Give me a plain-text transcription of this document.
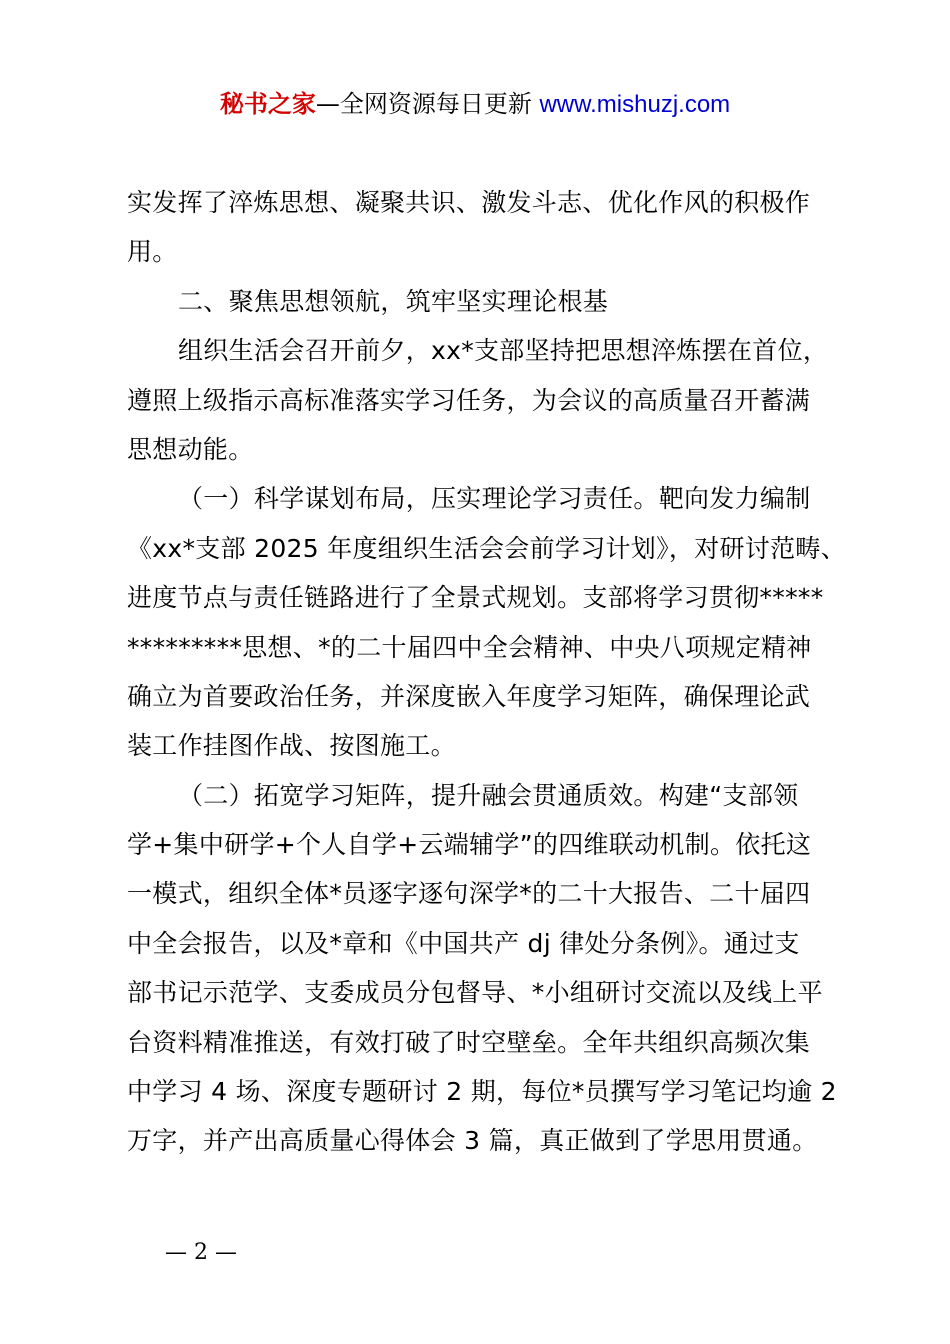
秘书之家—全网资源每日更新 www.mishuzj.com
实发挥了淬炼思想、凝聚共识、激发斗志、优化作风的积极作
用。
二、聚焦思想领航，筑牢坚实理论根基
组织生活会召开前夕，xx*支部坚持把思想淬炼摆在首位，
遵照上级指示高标准落实学习任务，为会议的高质量召开蓄满
思想动能。
（一）科学谋划布局，压实理论学习责任。靶向发力编制
《xx*支部 2025 年度组织生活会会前学习计划》，对研讨范畴、
进度节点与责任链路进行了全景式规划。支部将学习贯彻*****
*********思想、*的二十届四中全会精神、中央八项规定精神
确立为首要政治任务，并深度嵌入年度学习矩阵，确保理论武
装工作挂图作战、按图施工。
（二）拓宽学习矩阵，提升融会贯通质效。构建“支部领
学+集中研学+个人自学+云端辅学”的四维联动机制。依托这
一模式，组织全体*员逐字逐句深学*的二十大报告、二十届四
中全会报告，以及*章和《中国共产 dj 律处分条例》。通过支
部书记示范学、支委成员分包督导、*小组研讨交流以及线上平
台资料精准推送，有效打破了时空壁垒。全年共组织高频次集
中学习 4 场、深度专题研讨 2 期，每位*员撰写学习笔记均逾 2
万字，并产出高质量心得体会 3 篇，真正做到了学思用贯通。
— 2 —
